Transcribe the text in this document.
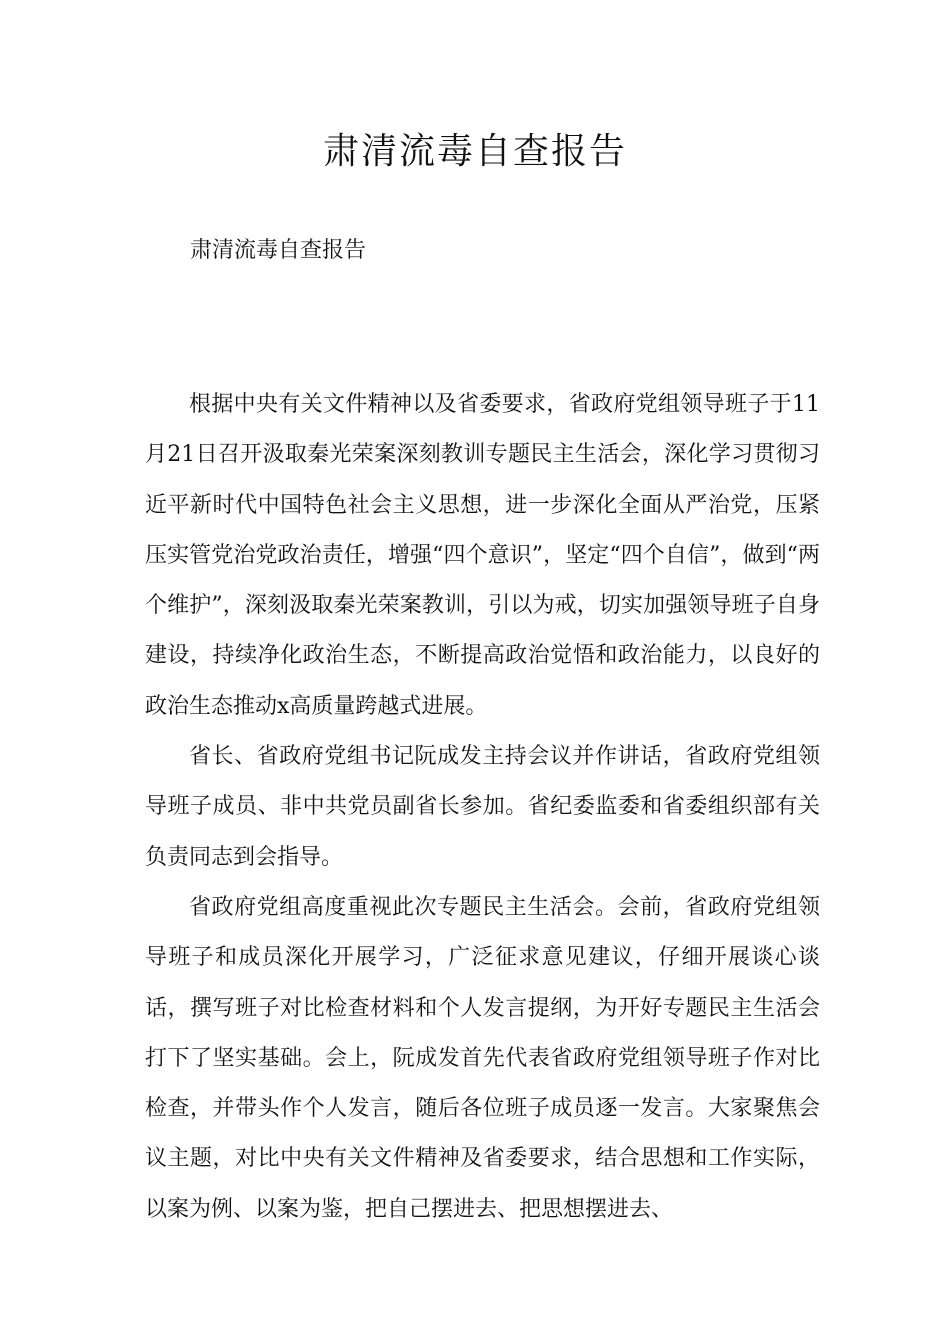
肃清流毒自查报告

肃清流毒自查报告

根据中央有关文件精神以及省委要求，省政府党组领导班子于11月21日召开汲取秦光荣案深刻教训专题民主生活会，深化学习贯彻习近平新时代中国特色社会主义思想，进一步深化全面从严治党，压紧压实管党治党政治责任，增强“四个意识”，坚定“四个自信”，做到“两个维护”，深刻汲取秦光荣案教训，引以为戒，切实加强领导班子自身建设，持续净化政治生态，不断提高政治觉悟和政治能力，以良好的政治生态推动x高质量跨越式进展。

省长、省政府党组书记阮成发主持会议并作讲话，省政府党组领导班子成员、非中共党员副省长参加。省纪委监委和省委组织部有关负责同志到会指导。

省政府党组高度重视此次专题民主生活会。会前，省政府党组领导班子和成员深化开展学习，广泛征求意见建议，仔细开展谈心谈话，撰写班子对比检查材料和个人发言提纲，为开好专题民主生活会打下了坚实基础。会上，阮成发首先代表省政府党组领导班子作对比检查，并带头作个人发言，随后各位班子成员逐一发言。大家聚焦会议主题，对比中央有关文件精神及省委要求，结合思想和工作实际，以案为例、以案为鉴，把自己摆进去、把思想摆进去、
